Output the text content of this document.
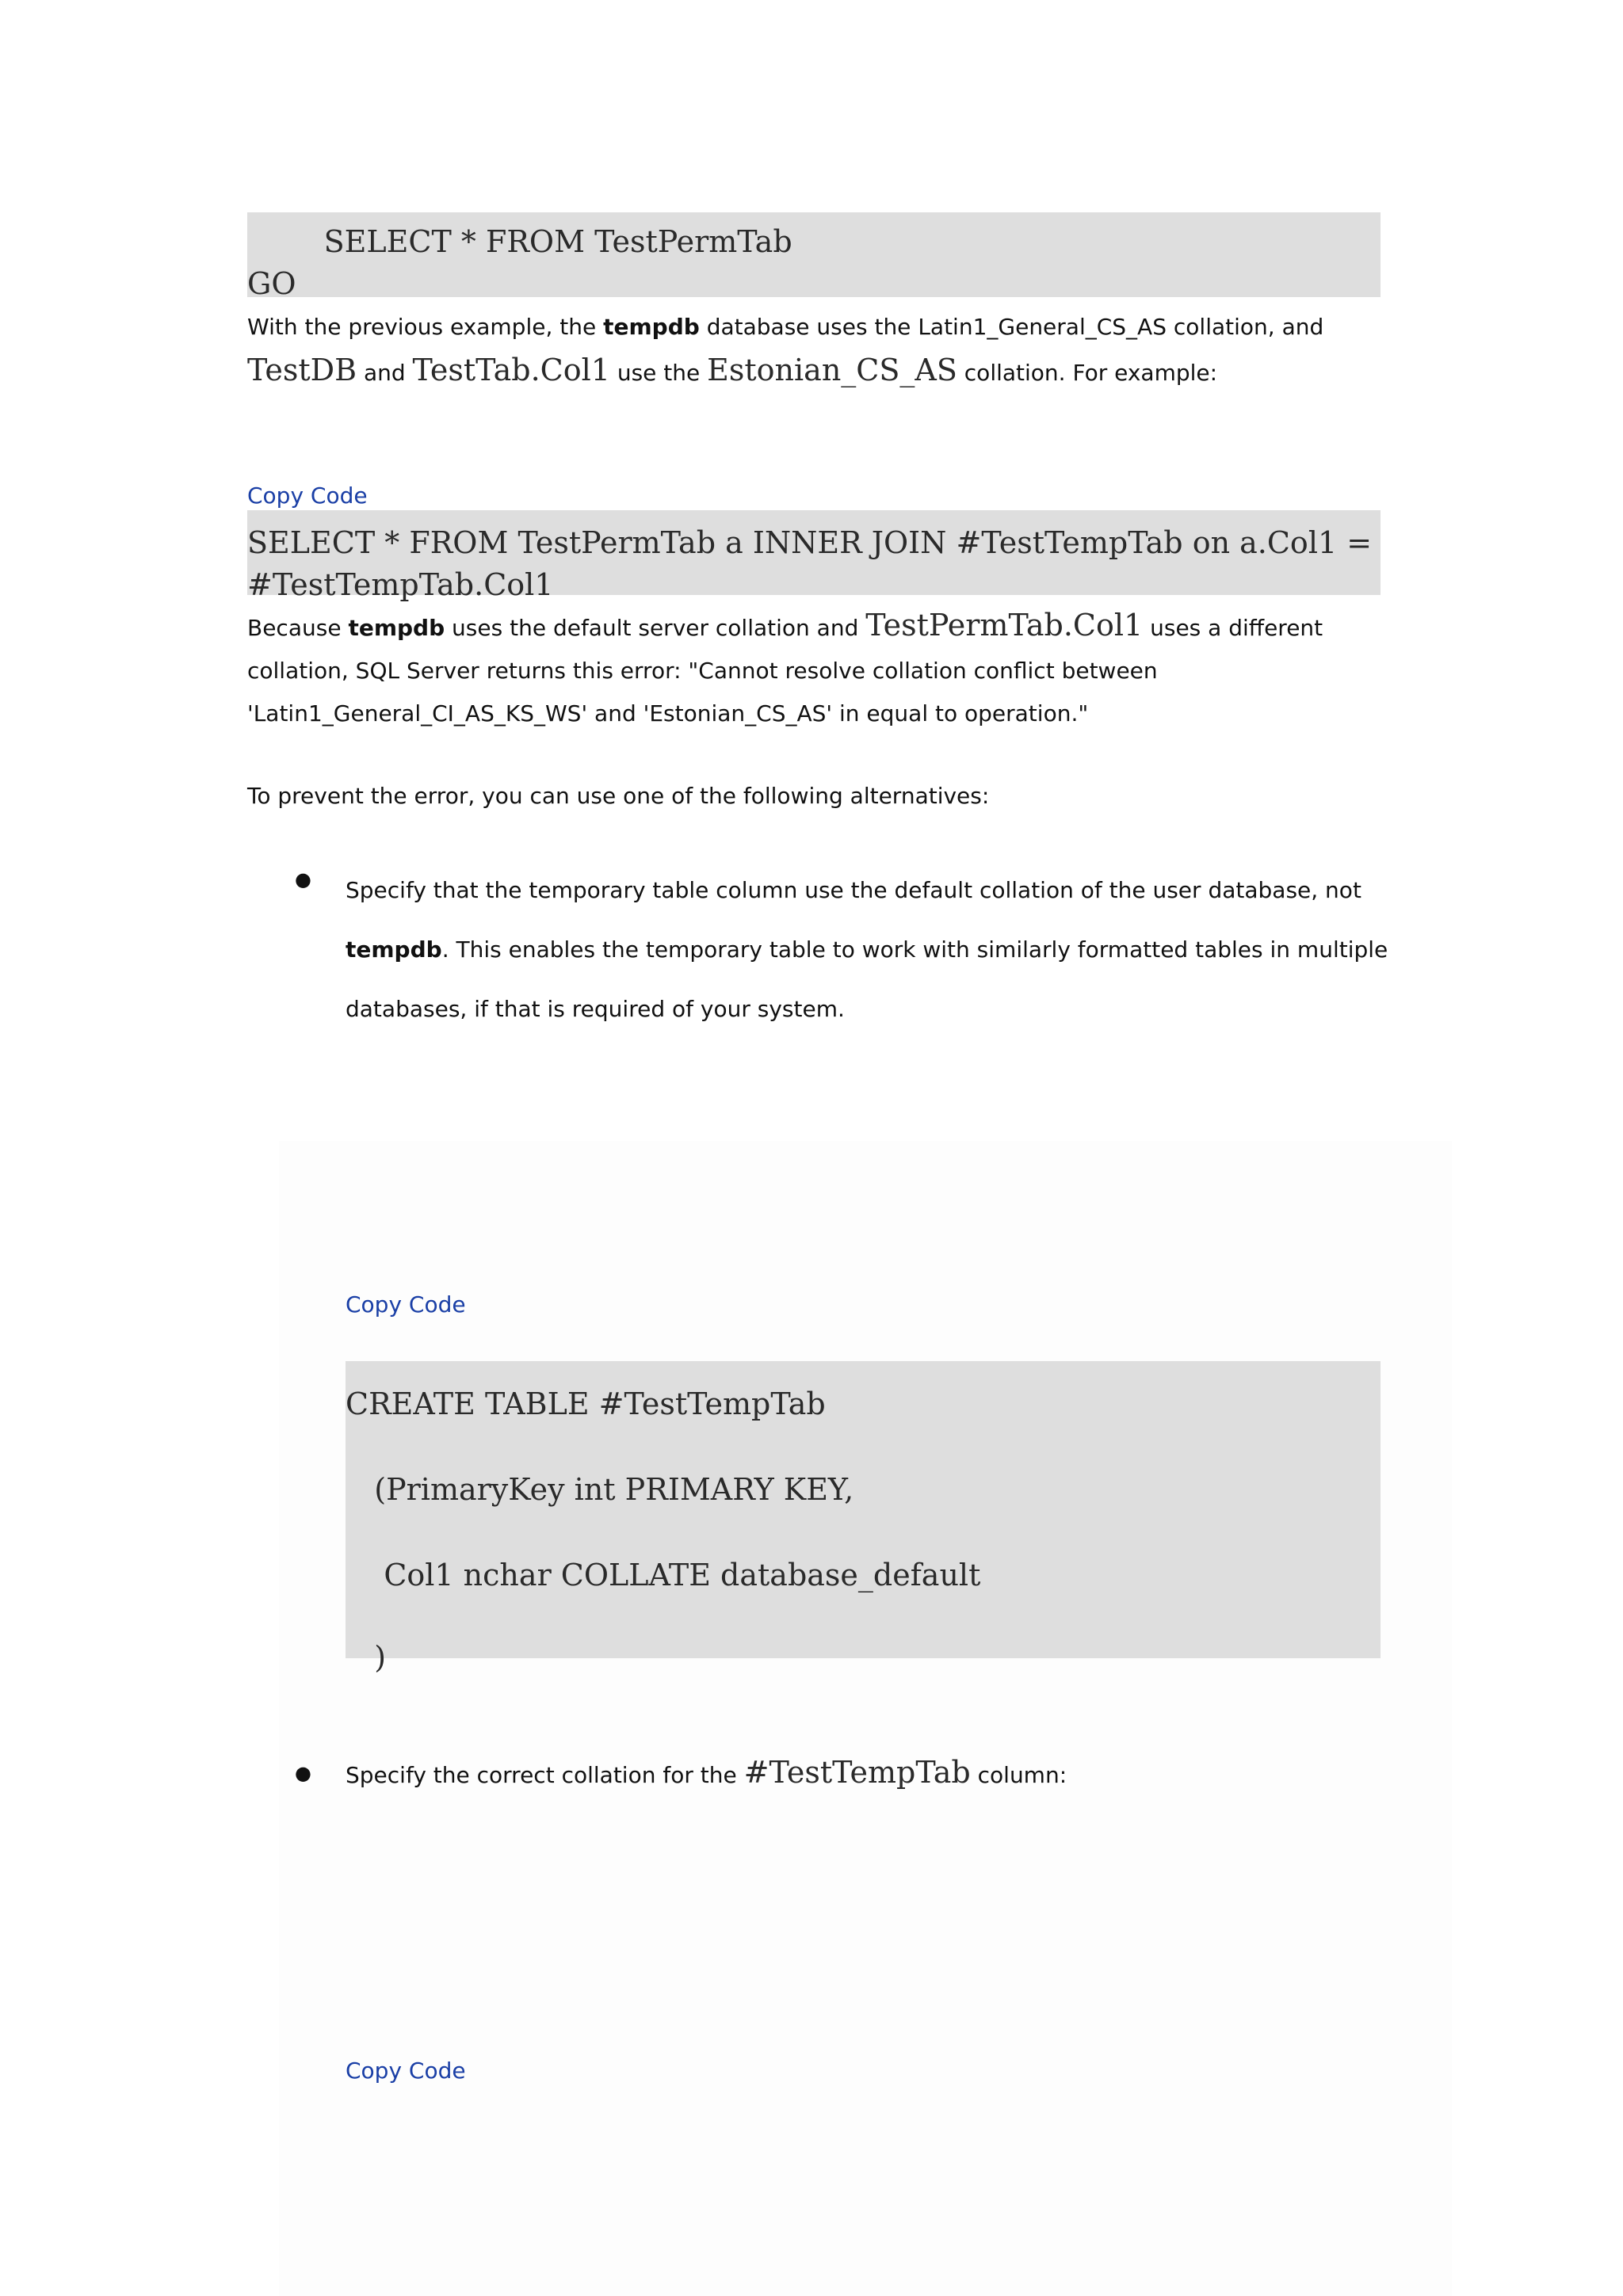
SELECT * FROM TestPermTab

GO

With the previous example, the tempdb database uses the Latin1_General_CS_AS collation, and
TestDB and TestTab.Col1 use the Estonian_CS_AS collation. For example:
Copy Code

SELECT * FROM TestPermTab a INNER JOIN #TestTempTab on a.Col1 =

#TestTempTab.Col1

Because tempdb uses the default server collation and TestPermTab.Col1 uses a different
collation, SQL Server returns this error: "Cannot resolve collation conflict between
'Latin1_General_CI_AS_KS_WS' and 'Estonian_CS_AS' in equal to operation."
To prevent the error, you can use one of the following alternatives:
● Specify that the temporary table column use the default collation of the user database, not
tempdb. This enables the temporary table to work with similarly formatted tables in multiple
databases, if that is required of your system.
Copy Code

CREATE TABLE #TestTempTab

(PrimaryKey int PRIMARY KEY,

Col1 nchar COLLATE database_default

)

● Specify the correct collation for the #TestTempTab column:
Copy Code
